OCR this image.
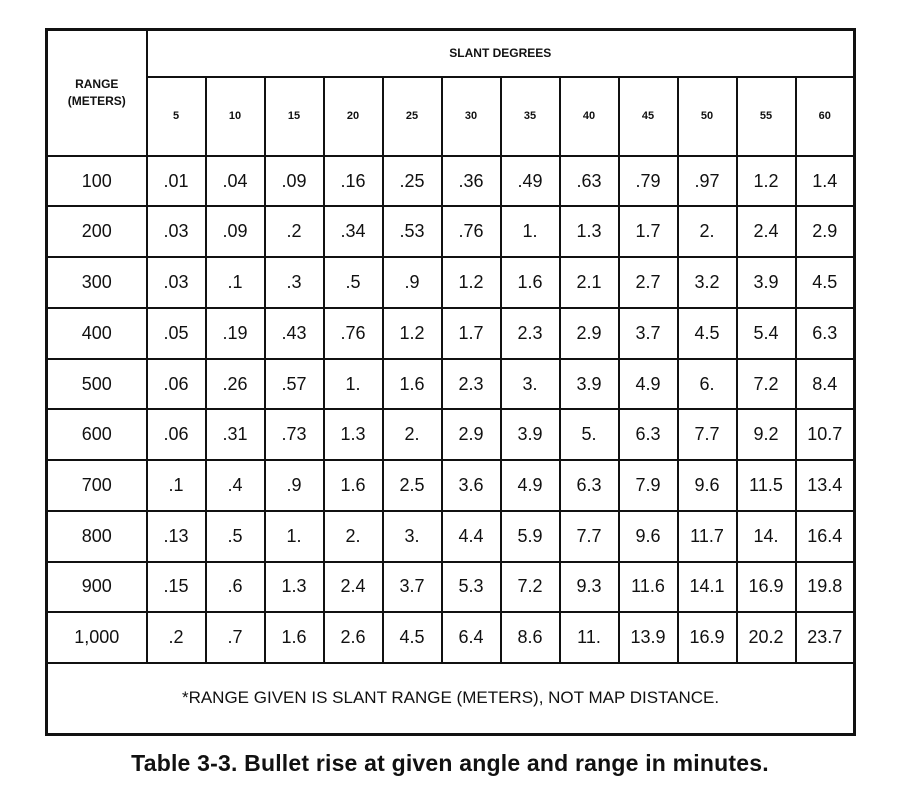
RANGE
(METERS)	SLANT DEGREES											
	5	10	15	20	25	30	35	40	45	50	55	60
100	.01	.04	.09	.16	.25	.36	.49	.63	.79	.97	1.2	1.4
200	.03	.09	.2	.34	.53	.76	1.	1.3	1.7	2.	2.4	2.9
300	.03	.1	.3	.5	.9	1.2	1.6	2.1	2.7	3.2	3.9	4.5
400	.05	.19	.43	.76	1.2	1.7	2.3	2.9	3.7	4.5	5.4	6.3
500	.06	.26	.57	1.	1.6	2.3	3.	3.9	4.9	6.	7.2	8.4
600	.06	.31	.73	1.3	2.	2.9	3.9	5.	6.3	7.7	9.2	10.7
700	.1	.4	.9	1.6	2.5	3.6	4.9	6.3	7.9	9.6	11.5	13.4
800	.13	.5	1.	2.	3.	4.4	5.9	7.7	9.6	11.7	14.	16.4
900	.15	.6	1.3	2.4	3.7	5.3	7.2	9.3	11.6	14.1	16.9	19.8
1,000	.2	.7	1.6	2.6	4.5	6.4	8.6	11.	13.9	16.9	20.2	23.7
*RANGE GIVEN IS SLANT RANGE (METERS), NOT MAP DISTANCE.												
Table 3-3. Bullet rise at given angle and range in minutes.
